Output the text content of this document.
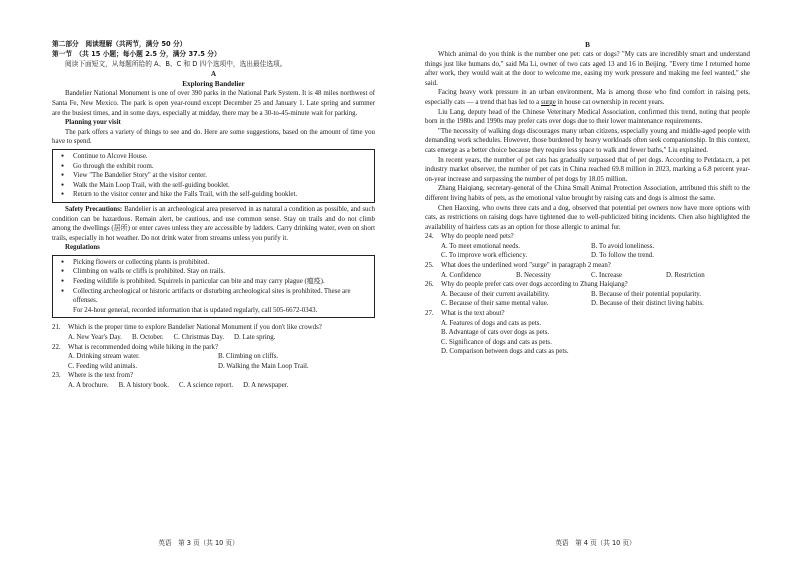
第二部分　阅读理解（共两节，满分 50 分）
第一节　（共 15 小题；每小题 2.5 分，满分 37.5 分）
阅读下面短文，从每题所给的 A、B、C 和 D 四个选项中，选出最佳选项。
A
Exploring Bandelier

Bandelier National Monument is one of over 390 parks in the National Park System. It is 48 miles northwest of Santa Fe, New Mexico. The park is open year-round except December 25 and January 1. Late spring and summer are the busiest times, and in some days, especially at midday, there may be a 30-to-45-minute wait for parking.

Planning your visit

The park offers a variety of things to see and do. Here are some suggestions, based on the amount of time you have to spend.

● Continue to Alcove House.
● Go through the exhibit room.
● View "The Bandelier Story" at the visitor center.
● Walk the Main Loop Trail, with the self-guiding booklet.
● Return to the visitor center and hike the Falls Trail, with the self-guiding booklet.

Safety Precautions: Bandelier is an archeological area preserved in as natural a condition as possible, and such condition can be hazardous. Remain alert, be cautious, and use common sense. Stay on trails and do not climb among the dwellings (居所) or enter caves unless they are accessible by ladders. Carry drinking water, even on short trails, especially in hot weather. Do not drink water from streams unless you purify it.

Regulations

● Picking flowers or collecting plants is prohibited.
● Climbing on walls or cliffs is prohibited. Stay on trails.
● Feeding wildlife is prohibited. Squirrels in particular can bite and may carry plague (瘟疫).
● Collecting archeological or historic artifacts or disturbing archeological sites is prohibited. These are offenses.
For 24-hour general, recorded information that is updated regularly, call 505-6672-0343.
21.	Which is the proper time to explore Bandelier National Monument if you don't like crowds?
A. New Year's Day. B. October. C. Christmas Day. D. Late spring.
22.	What is recommended doing while hiking in the park?
A. Drinking stream water.	B. Climbing on cliffs.
C. Feeding wild animals.	D. Walking the Main Loop Trail.
23.	Where is the text from?
A. A brochure. B. A history book. C. A science report. D. A newspaper.
英语　第 3 页（共 10 页）
B

Which animal do you think is the number one pet: cats or dogs? "My cats are incredibly smart and understand things just like humans do," said Ma Li, owner of two cats aged 13 and 16 in Beijing. "Every time I returned home after work, they would wait at the door to welcome me, easing my work pressure and making me feel wanted," she said.

Facing heavy work pressure in an urban environment, Ma is among those who find comfort in raising pets, especially cats — a trend that has led to a surge in house cat ownership in recent years.

Liu Lang, deputy head of the Chinese Veterinary Medical Association, confirmed this trend, noting that people born in the 1980s and 1990s may prefer cats over dogs due to their lower maintenance requirements.

"The necessity of walking dogs discourages many urban citizens, especially young and middle-aged people with demanding work schedules. However, those burdened by heavy workloads often seek companionship. In this context, cats emerge as a better choice because they require less space to walk and fewer baths," Liu explained.

In recent years, the number of pet cats has gradually surpassed that of pet dogs. According to Petdata.cn, a pet industry market observer, the number of pet cats in China reached 69.8 million in 2023, marking a 6.8 percent year-on-year increase and surpassing the number of pet dogs by 18.05 million.

Zhang Haiqiang, secretary-general of the China Small Animal Protection Association, attributed this shift to the different living habits of pets, as the emotional value brought by raising cats and dogs is almost the same.

Chen Haoxing, who owns three cats and a dog, observed that potential pet owners now have more options with cats, as restrictions on raising dogs have tightened due to well-publicized biting incidents. Chen also highlighted the availability of hairless cats as an option for those allergic to animal fur.

24.	Why do people need pets?
A. To meet emotional needs.	B. To avoid loneliness.
C. To improve work efficiency.	D. To follow the trend.
25.	What does the underlined word "surge" in paragraph 2 mean?
A. Confidence	B. Necessity	C. Increase	D. Restriction
26.	Why do people prefer cats over dogs according to Zhang Haiqiang?
A. Because of their current availability.	B. Because of their potential popularity.
C. Because of their same mental value.	D. Because of their distinct living habits.
27.	What is the text about?
A. Features of dogs and cats as pets.
B. Advantage of cats over dogs as pets.
C. Significance of dogs and cats as pets.
D. Comparison between dogs and cats as pets.
英语　第 4 页（共 10 页）
